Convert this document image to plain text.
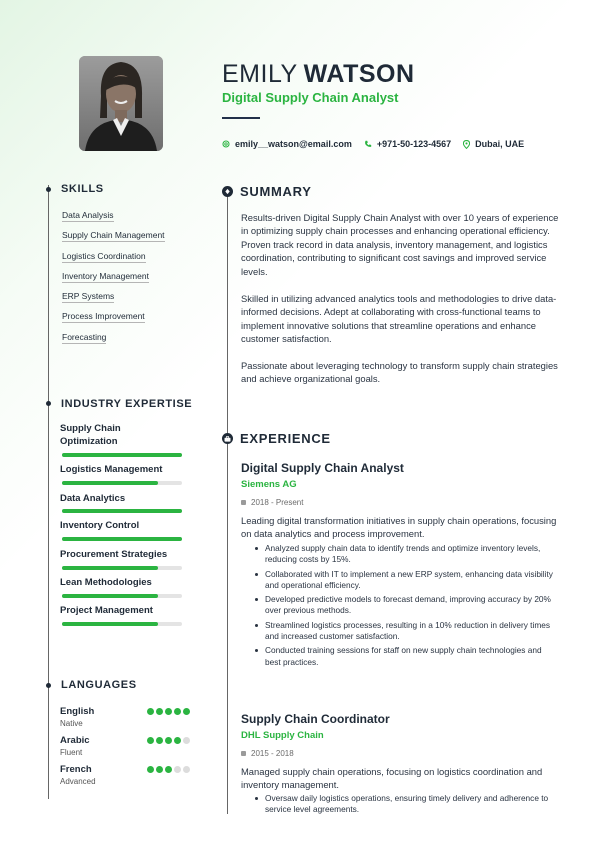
EMILY WATSON
Digital Supply Chain Analyst
emily__watson@email.com	+971-50-123-4567	Dubai, UAE
SKILLS
Data Analysis
Supply Chain Management
Logistics Coordination
Inventory Management
ERP Systems
Process Improvement
Forecasting
INDUSTRY EXPERTISE
Supply Chain Optimization
Logistics Management
Data Analytics
Inventory Control
Procurement Strategies
Lean Methodologies
Project Management
LANGUAGES
English
Native
Arabic
Fluent
French
Advanced
SUMMARY
Results-driven Digital Supply Chain Analyst with over 10 years of experience in optimizing supply chain processes and enhancing operational efficiency. Proven track record in data analysis, inventory management, and logistics coordination, contributing to significant cost savings and improved service levels.
Skilled in utilizing advanced analytics tools and methodologies to drive data-informed decisions. Adept at collaborating with cross-functional teams to implement innovative solutions that streamline operations and enhance customer satisfaction.
Passionate about leveraging technology to transform supply chain strategies and achieve organizational goals.
EXPERIENCE
Digital Supply Chain Analyst
Siemens AG
2018 - Present
Leading digital transformation initiatives in supply chain operations, focusing on data analytics and process improvement.
Analyzed supply chain data to identify trends and optimize inventory levels, reducing costs by 15%.
Collaborated with IT to implement a new ERP system, enhancing data visibility and operational efficiency.
Developed predictive models to forecast demand, improving accuracy by 20% over previous methods.
Streamlined logistics processes, resulting in a 10% reduction in delivery times and increased customer satisfaction.
Conducted training sessions for staff on new supply chain technologies and best practices.
Supply Chain Coordinator
DHL Supply Chain
2015 - 2018
Managed supply chain operations, focusing on logistics coordination and inventory management.
Oversaw daily logistics operations, ensuring timely delivery and adherence to service level agreements.
